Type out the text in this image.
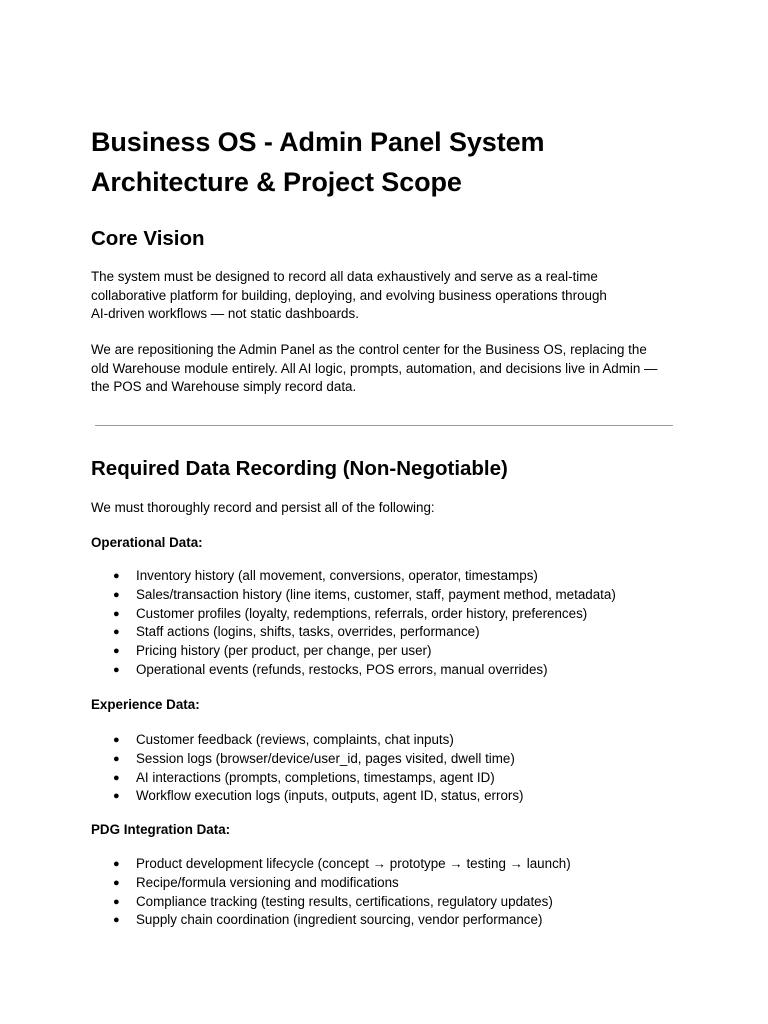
Business OS - Admin Panel System
Architecture & Project Scope
Core Vision

The system must be designed to record all data exhaustively and serve as a real-time

collaborative platform for building, deploying, and evolving business operations through

AI-driven workflows — not static dashboards.

We are repositioning the Admin Panel as the control center for the Business OS, replacing the

old Warehouse module entirely. All AI logic, prompts, automation, and decisions live in Admin —

the POS and Warehouse simply record data.

Required Data Recording (Non-Negotiable)

We must thoroughly record and persist all of the following:

Operational Data:

● Inventory history (all movement, conversions, operator, timestamps)
● Sales/transaction history (line items, customer, staff, payment method, metadata)
● Customer profiles (loyalty, redemptions, referrals, order history, preferences)
● Staff actions (logins, shifts, tasks, overrides, performance)
● Pricing history (per product, per change, per user)
● Operational events (refunds, restocks, POS errors, manual overrides)

Experience Data:

● Customer feedback (reviews, complaints, chat inputs)
● Session logs (browser/device/user_id, pages visited, dwell time)
● AI interactions (prompts, completions, timestamps, agent ID)
● Workflow execution logs (inputs, outputs, agent ID, status, errors)

PDG Integration Data:

● Product development lifecycle (concept → prototype → testing → launch)
● Recipe/formula versioning and modifications
● Compliance tracking (testing results, certifications, regulatory updates)
● Supply chain coordination (ingredient sourcing, vendor performance)
